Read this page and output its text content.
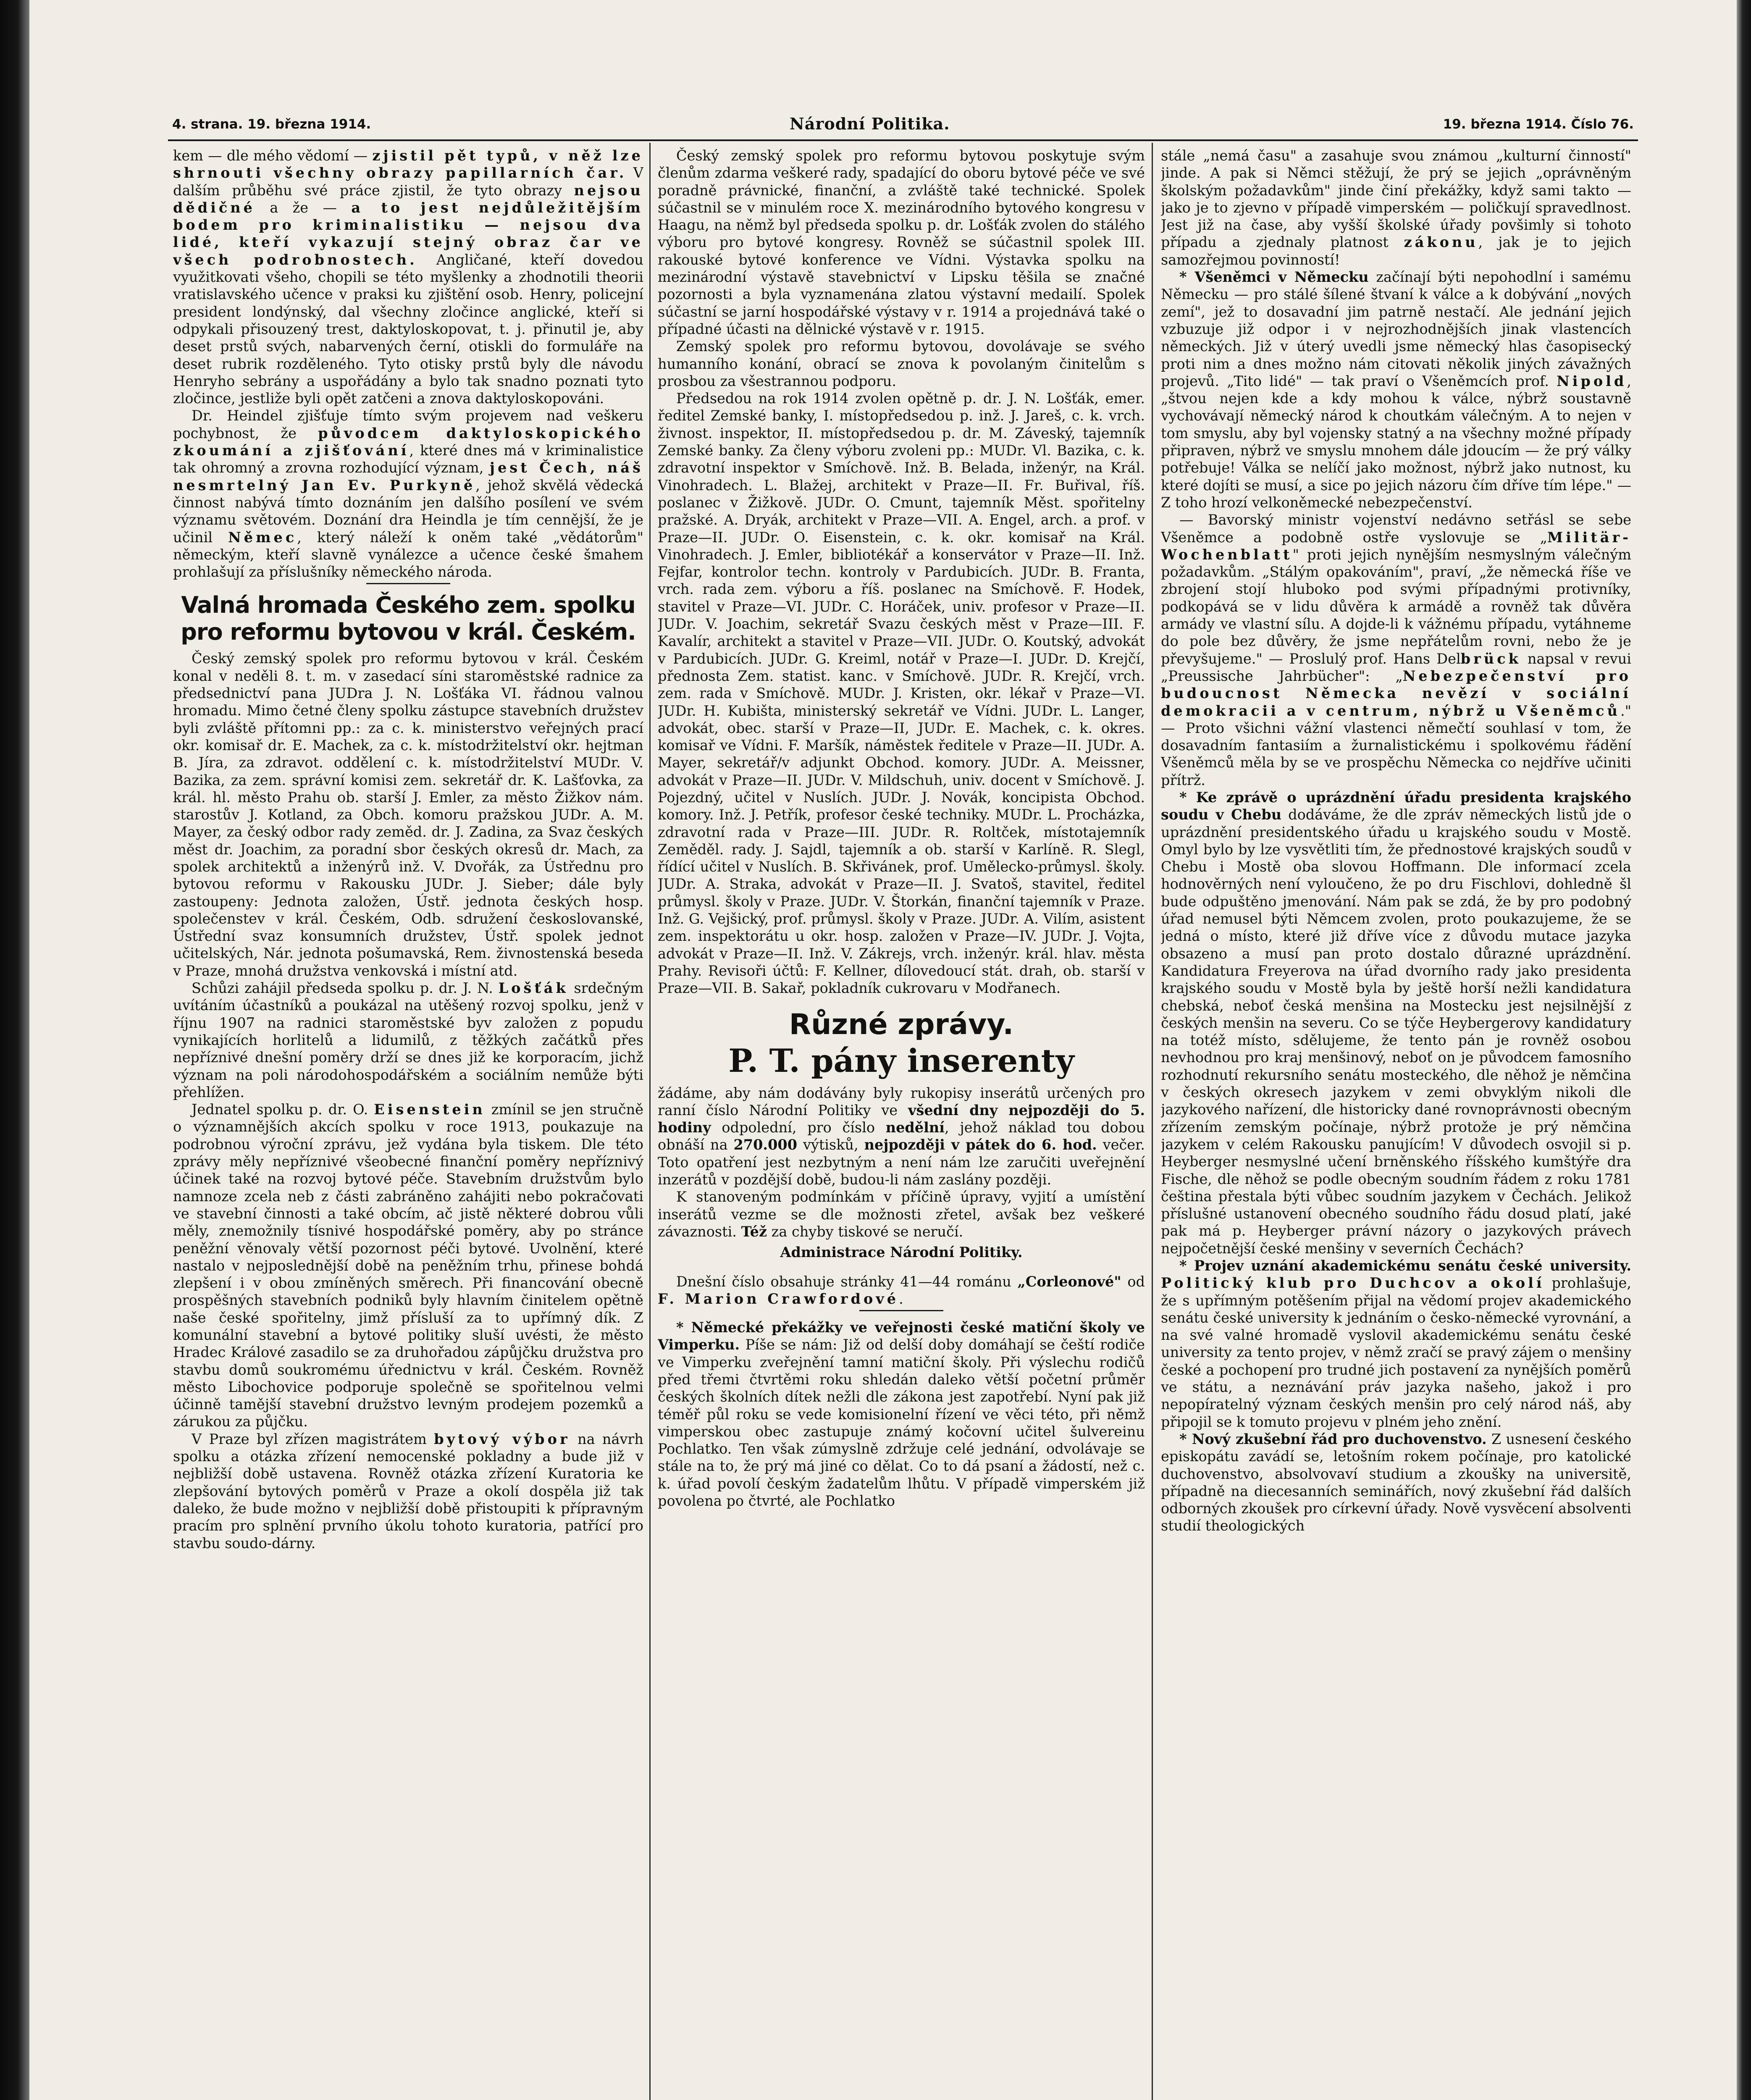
4. strana. 19. března 1914.	Národní Politika.	19. března 1914. Číslo 76.

kem — dle mého vědomí — zjistil pět typů, v něž lze shrnouti všechny obrazy papillarních čar. V dalším průběhu své práce zjistil, že tyto obrazy nejsou dědičné a že — a to jest nejdůležitějším bodem pro kriminalistiku — nejsou dva lidé, kteří vykazují stejný obraz čar ve všech podrobnostech. Angličané, kteří dovedou využitkovati všeho, chopili se této myšlenky a zhodnotili theorii vratislavského učence v praksi ku zjištění osob. Henry, policejní president londýnský, dal všechny zločince anglické, kteří si odpykali přisouzený trest, daktyloskopovat, t. j. přinutil je, aby deset prstů svých, nabarvených černí, otiskli do formuláře na deset rubrik rozděleného. Tyto otisky prstů byly dle návodu Henryho sebrány a uspořádány a bylo tak snadno poznati tyto zločince, jestliže byli opět zatčeni a znova daktyloskopováni.

Dr. Heindel zjišťuje tímto svým projevem nad veškeru pochybnost, že původcem daktyloskopického zkoumání a zjišťování, které dnes má v kriminalistice tak ohromný a zrovna rozhodující význam, jest Čech, náš nesmrtelný Jan Ev. Purkyně, jehož skvělá vědecká činnost nabývá tímto doznáním jen dalšího posílení ve svém významu světovém. Doznání dra Heindla je tím cennější, že je učinil Němec, který náleží k oněm také „vědátorům" německým, kteří slavně vynálezce a učence české šmahem prohlašují za příslušníky německého národa.

Valná hromada Českého zem. spolku pro reformu bytovou v král. Českém.

Český zemský spolek pro reformu bytovou v král. Českém konal v neděli 8. t. m. v zasedací síni staroměstské radnice za předsednictví pana JUDra J. N. Lošťáka VI. řádnou valnou hromadu. Mimo četné členy spolku zástupce stavebních družstev byli zvláště přítomni pp.: za c. k. ministerstvo veřejných prací okr. komisař dr. E. Machek, za c. k. místodržitelství okr. hejtman B. Jíra, za zdravot. oddělení c. k. místodržitelství MUDr. V. Bazika, za zem. správní komisi zem. sekretář dr. K. Lašťovka, za král. hl. město Prahu ob. starší J. Emler, za město Žižkov nám. starostův J. Kotland, za Obch. komoru pražskou JUDr. A. M. Mayer, za český odbor rady zeměd. dr. J. Zadina, za Svaz českých měst dr. Joachim, za poradní sbor českých okresů dr. Mach, za spolek architektů a inženýrů inž. V. Dvořák, za Ústřednu pro bytovou reformu v Rakousku JUDr. J. Sieber; dále byly zastoupeny: Jednota založen, Ústř. jednota českých hosp. společenstev v král. Českém, Odb. sdružení českoslovanské, Ústřední svaz konsumních družstev, Ústř. spolek jednot učitelských, Nár. jednota pošumavská, Rem. živnostenská beseda v Praze, mnohá družstva venkovská i místní atd.

Schůzi zahájil předseda spolku p. dr. J. N. Lošťák srdečným uvítáním účastníků a poukázal na utěšený rozvoj spolku, jenž v říjnu 1907 na radnici staroměstské byv založen z popudu vynikajících horlitelů a lidumilů, z těžkých začátků přes nepříznivé dnešní poměry drží se dnes již ke korporacím, jichž význam na poli národohospodářském a sociálním nemůže býti přehlížen.

Jednatel spolku p. dr. O. Eisenstein zmínil se jen stručně o významnějších akcích spolku v roce 1913, poukazuje na podrobnou výroční zprávu, jež vydána byla tiskem. Dle této zprávy měly nepříznivé všeobecné finanční poměry nepříznivý účinek také na rozvoj bytové péče. Stavebním družstvům bylo namnoze zcela neb z části zabráněno zahájiti nebo pokračovati ve stavební činnosti a také obcím, ač jistě některé dobrou vůli měly, znemožnily tísnivé hospodářské poměry, aby po stránce peněžní věnovaly větší pozornost péči bytové. Uvolnění, které nastalo v nejposlednější době na peněžním trhu, přinese bohdá zlepšení i v obou zmíněných směrech. Při financování obecně prospěšných stavebních podniků byly hlavním činitelem opětně naše české spořitelny, jimž přísluší za to upřímný dík. Z komunální stavební a bytové politiky sluší uvésti, že město Hradec Králové zasadilo se za druhořadou zápůjčku družstva pro stavbu domů soukromému úřednictvu v král. Českém. Rovněž město Libochovice podporuje společně se spořitelnou velmi účinně tamější stavební družstvo levným prodejem pozemků a zárukou za půjčku.

V Praze byl zřízen magistrátem bytový výbor na návrh spolku a otázka zřízení nemocenské pokladny a bude již v nejbližší době ustavena. Rovněž otázka zřízení Kuratoria ke zlepšování bytových poměrů v Praze a okolí dospěla již tak daleko, že bude možno v nejbližší době přistoupiti k přípravným pracím pro splnění prvního úkolu tohoto kuratoria, patřící pro stavbu soudo-dárny.

Český zemský spolek pro reformu bytovou poskytuje svým členům zdarma veškeré rady, spadající do oboru bytové péče ve své poradně právnické, finanční, a zvláště také technické. Spolek súčastnil se v minulém roce X. mezinárodního bytového kongresu v Haagu, na němž byl předseda spolku p. dr. Lošťák zvolen do stálého výboru pro bytové kongresy. Rovněž se súčastnil spolek III. rakouské bytové konference ve Vídni. Výstavka spolku na mezinárodní výstavě stavebnictví v Lipsku těšila se značné pozornosti a byla vyznamenána zlatou výstavní medailí. Spolek súčastní se jarní hospodářské výstavy v r. 1914 a projednává také o případné účasti na dělnické výstavě v r. 1915.

Zemský spolek pro reformu bytovou, dovolávaje se svého humanního konání, obrací se znova k povolaným činitelům s prosbou za všestrannou podporu.

Předsedou na rok 1914 zvolen opětně p. dr. J. N. Lošťák, emer. ředitel Zemské banky, I. místopředsedou p. inž. J. Jareš, c. k. vrch. živnost. inspektor, II. místopředsedou p. dr. M. Záveský, tajemník Zemské banky. Za členy výboru zvoleni pp.: MUDr. Vl. Bazika, c. k. zdravotní inspektor v Smíchově. Inž. B. Belada, inženýr, na Král. Vinohradech. L. Blažej, architekt v Praze—II. Fr. Buřival, říš. poslanec v Žižkově. JUDr. O. Cmunt, tajemník Měst. spořitelny pražské. A. Dryák, architekt v Praze—VII. A. Engel, arch. a prof. v Praze—II. JUDr. O. Eisenstein, c. k. okr. komisař na Král. Vinohradech. J. Emler, bibliotékář a konservátor v Praze—II. Inž. Fejfar, kontrolor techn. kontroly v Pardubicích. JUDr. B. Franta, vrch. rada zem. výboru a říš. poslanec na Smíchově. F. Hodek, stavitel v Praze—VI. JUDr. C. Horáček, univ. profesor v Praze—II. JUDr. V. Joachim, sekretář Svazu českých měst v Praze—III. F. Kavalír, architekt a stavitel v Praze—VII. JUDr. O. Koutský, advokát v Pardubicích. JUDr. G. Kreiml, notář v Praze—I. JUDr. D. Krejčí, přednosta Zem. statist. kanc. v Smíchově. JUDr. R. Krejčí, vrch. zem. rada v Smíchově. MUDr. J. Kristen, okr. lékař v Praze—VI. JUDr. H. Kubišta, ministerský sekretář ve Vídni. JUDr. L. Langer, advokát, obec. starší v Praze—II, JUDr. E. Machek, c. k. okres. komisař ve Vídni. F. Maršík, náměstek ředitele v Praze—II. JUDr. A. Mayer, sekretář/v adjunkt Obchod. komory. JUDr. A. Meissner, advokát v Praze—II. JUDr. V. Mildschuh, univ. docent v Smíchově. J. Pojezdný, učitel v Nuslích. JUDr. J. Novák, koncipista Obchod. komory. Inž. J. Petřík, profesor české techniky. MUDr. L. Procházka, zdravotní rada v Praze—III. JUDr. R. Roltček, místotajemník Zeměděl. rady. J. Sajdl, tajemník a ob. starší v Karlíně. R. Slegl, řídící učitel v Nuslích. B. Skřivánek, prof. Umělecko-průmysl. školy. JUDr. A. Straka, advokát v Praze—II. J. Svatoš, stavitel, ředitel průmysl. školy v Praze. JUDr. V. Štorkán, finanční tajemník v Praze. Inž. G. Vejšický, prof. průmysl. školy v Praze. JUDr. A. Vilím, asistent zem. inspektorátu u okr. hosp. založen v Praze—IV. JUDr. J. Vojta, advokát v Praze—II. Inž. V. Zákrejs, vrch. inženýr. král. hlav. města Prahy. Revisoři účtů: F. Kellner, dílovedoucí stát. drah, ob. starší v Praze—VII. B. Sakař, pokladník cukrovaru v Modřanech.

Různé zprávy.
P. T. pány inserenty

žádáme, aby nám dodávány byly rukopisy inserátů určených pro ranní číslo Národní Politiky ve všední dny nejpozději do 5. hodiny odpolední, pro číslo nedělní, jehož náklad tou dobou obnáší na 270.000 výtisků, nejpozději v pátek do 6. hod. večer. Toto opatření jest nezbytným a není nám lze zaručiti uveřejnění inzerátů v pozdější době, budou-li nám zaslány později.

K stanoveným podmínkám v příčině úpravy, vyjití a umístění inserátů vezme se dle možnosti zřetel, avšak bez veškeré závaznosti. Též za chyby tiskové se neručí.

Administrace Národní Politiky.

Dnešní číslo obsahuje stránky 41—44 románu „Corleonové" od F. Marion Crawfordové.

* Německé překážky ve veřejnosti české matiční školy ve Vimperku. Píše se nám: Již od delší doby domáhají se čeští rodiče ve Vimperku zveřejnění tamní matiční školy. Při výslechu rodičů před třemi čtvrtěmi roku shledán daleko větší početní průměr českých školních dítek nežli dle zákona jest zapotřebí. Nyní pak již téměř půl roku se vede komisionelní řízení ve věci této, při němž vimperskou obec zastupuje známý kočovní učitel šulvereinu Pochlatko. Ten však zúmyslně zdržuje celé jednání, odvolávaje se stále na to, že prý má jiné co dělat. Co to dá psaní a žádostí, než c. k. úřad povolí českým žadatelům lhůtu. V případě vimperském již povolena po čtvrté, ale Pochlatko

stále „nemá času" a zasahuje svou známou „kulturní činností" jinde. A pak si Němci stěžují, že prý se jejich „oprávněným školským požadavkům" jinde činí překážky, když sami takto — jako je to zjevno v případě vimperském — poličkují spravedlnost. Jest již na čase, aby vyšší školské úřady povšimly si tohoto případu a zjednaly platnost zákonu, jak je to jejich samozřejmou povinností!

* Všeněmci v Německu začínají býti nepohodlní i samému Německu — pro stálé šílené štvaní k válce a k dobývání „nových zemí", jež to dosavadní jim patrně nestačí. Ale jednání jejich vzbuzuje již odpor i v nejrozhodnějších jinak vlastencích německých. Již v úterý uvedli jsme německý hlas časopisecký proti nim a dnes možno nám citovati několik jiných závažných projevů. „Tito lidé" — tak praví o Všeněmcích prof. Nipold, „štvou nejen kde a kdy mohou k válce, nýbrž soustavně vychovávají německý národ k choutkám válečným. A to nejen v tom smyslu, aby byl vojensky statný a na všechny možné případy připraven, nýbrž ve smyslu mnohem dále jdoucím — že prý války potřebuje! Válka se nelíčí jako možnost, nýbrž jako nutnost, ku které dojíti se musí, a sice po jejich názoru čím dříve tím lépe." — Z toho hrozí velkoněmecké nebezpečenství.

— Bavorský ministr vojenství nedávno setřásl se sebe Všeněmce a podobně ostře vyslovuje se „Militär-Wochenblatt" proti jejich nynějším nesmyslným válečným požadavkům. „Stálým opakováním", praví, „že německá říše ve zbrojení stojí hluboko pod svými případnými protivníky, podkopává se v lidu důvěra k armádě a rovněž tak důvěra armády ve vlastní sílu. A dojde-li k vážnému případu, vytáhneme do pole bez důvěry, že jsme nepřátelům rovni, nebo že je převyšujeme." — Proslulý prof. Hans Delbrück napsal v revui „Preussische Jahrbücher": „Nebezpečenství pro budoucnost Německa nevězí v sociální demokracii a v centrum, nýbrž u Všeněmců." — Proto všichni vážní vlastenci němečtí souhlasí v tom, že dosavadním fantasiím a žurnalistickému i spolkovému řádění Všeněmců měla by se ve prospěchu Německa co nejdříve učiniti přítrž.

* Ke zprávě o uprázdnění úřadu presidenta krajského soudu v Chebu dodáváme, že dle zpráv německých listů jde o uprázdnění presidentského úřadu u krajského soudu v Mostě. Omyl bylo by lze vysvětliti tím, že přednostové krajských soudů v Chebu i Mostě oba slovou Hoffmann. Dle informací zcela hodnověrných není vyloučeno, že po dru Fischlovi, dohledně šl bude odpuštěno jmenování. Nám pak se zdá, že by pro podobný úřad nemusel býti Němcem zvolen, proto poukazujeme, že se jedná o místo, které již dříve více z důvodu mutace jazyka obsazeno a musí pan proto dostalo důrazné uprázdnění. Kandidatura Freyerova na úřad dvorního rady jako presidenta krajského soudu v Mostě byla by ještě horší nežli kandidatura chebská, neboť česká menšina na Mostecku jest nejsilnější z českých menšin na severu. Co se týče Heybergerovy kandidatury na totéž místo, sdělujeme, že tento pán je rovněž osobou nevhodnou pro kraj menšinový, neboť on je původcem famosního rozhodnutí rekursního senátu mosteckého, dle něhož je němčina v českých okresech jazykem v zemi obvyklým nikoli dle jazykového nařízení, dle historicky dané rovnoprávnosti obecným zřízením zemským počínaje, nýbrž protože je prý němčina jazykem v celém Rakousku panujícím! V důvodech osvojil si p. Heyberger nesmyslné učení brněnského říšského kumštýře dra Fische, dle něhož se podle obecným soudním řádem z roku 1781 čeština přestala býti vůbec soudním jazykem v Čechách. Jelikož příslušné ustanovení obecného soudního řádu dosud platí, jaké pak má p. Heyberger právní názory o jazykových právech nejpočetnější české menšiny v severních Čechách?

* Projev uznání akademickému senátu české university. Politický klub pro Duchcov a okolí prohlašuje, že s upřímným potěšením přijal na vědomí projev akademického senátu české university k jednáním o česko-německé vyrovnání, a na své valné hromadě vyslovil akademickému senátu české university za tento projev, v němž zračí se pravý zájem o menšiny české a pochopení pro trudné jich postavení za nynějších poměrů ve státu, a neznávání práv jazyka našeho, jakož i pro nepopíratelný význam českých menšin pro celý národ náš, aby připojil se k tomuto projevu v plném jeho znění.

* Nový zkušební řád pro duchovenstvo. Z usnesení českého episkopátu zavádí se, letošním rokem počínaje, pro katolické duchovenstvo, absolvovaví studium a zkoušky na universitě, případně na diecesanních seminářích, nový zkušební řád dalších odborných zkoušek pro církevní úřady. Nově vysvěcení absolventi studií theologických
